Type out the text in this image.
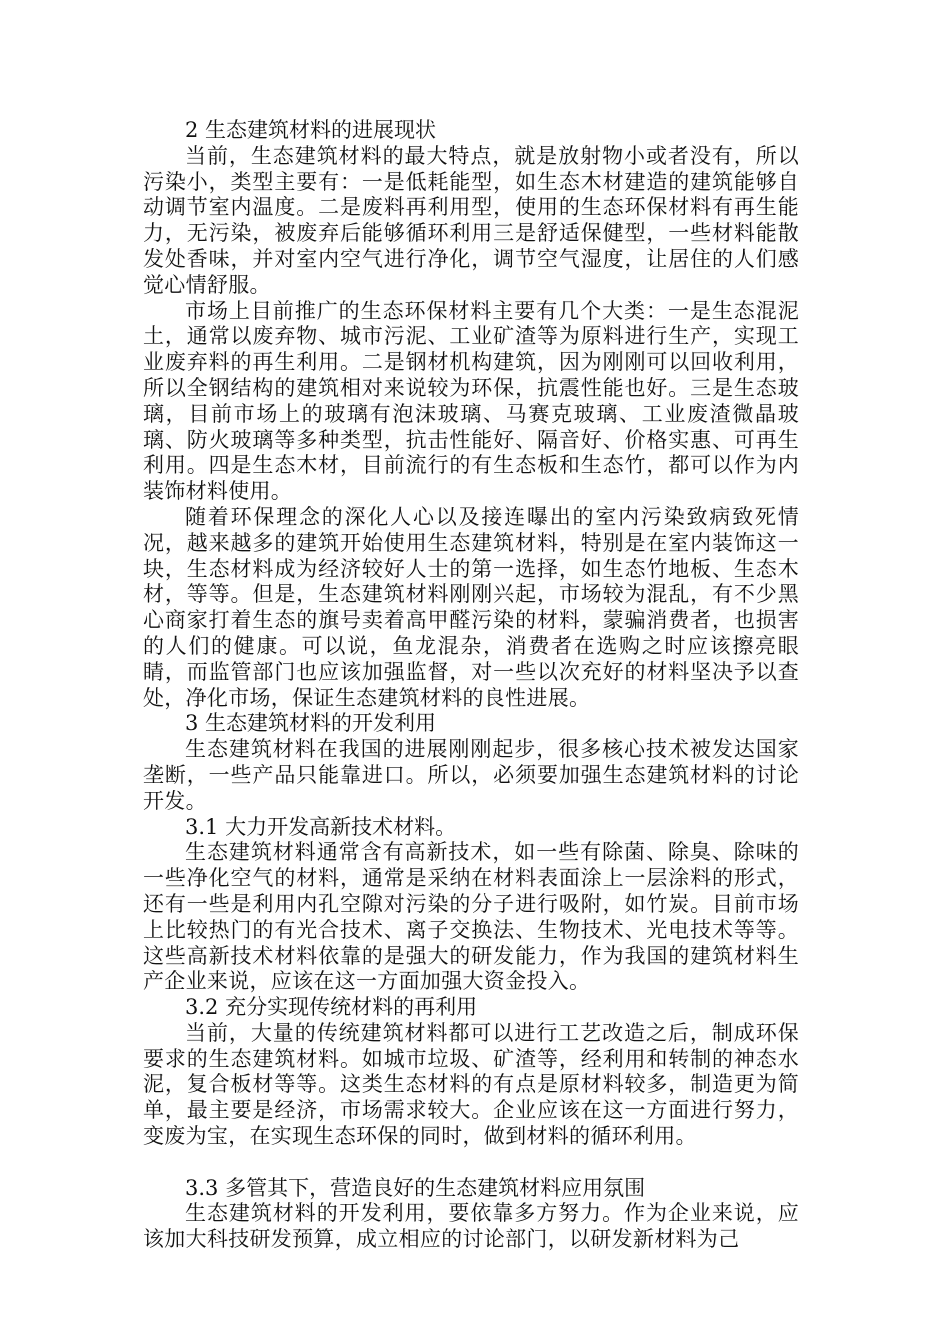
2 生态建筑材料的进展现状

当前，生态建筑材料的最大特点，就是放射物小或者没有，所以污染小，类型主要有：一是低耗能型，如生态木材建造的建筑能够自动调节室内温度。二是废料再利用型，使用的生态环保材料有再生能力，无污染，被废弃后能够循环利用三是舒适保健型，一些材料能散发处香味，并对室内空气进行净化，调节空气湿度，让居住的人们感觉心情舒服。

市场上目前推广的生态环保材料主要有几个大类：一是生态混泥土，通常以废弃物、城市污泥、工业矿渣等为原料进行生产，实现工业废弃料的再生利用。二是钢材机构建筑，因为刚刚可以回收利用，所以全钢结构的建筑相对来说较为环保，抗震性能也好。三是生态玻璃，目前市场上的玻璃有泡沫玻璃、马赛克玻璃、工业废渣微晶玻璃、防火玻璃等多种类型，抗击性能好、隔音好、价格实惠、可再生利用。四是生态木材，目前流行的有生态板和生态竹，都可以作为内装饰材料使用。

随着环保理念的深化人心以及接连曝出的室内污染致病致死情况，越来越多的建筑开始使用生态建筑材料，特别是在室内装饰这一块，生态材料成为经济较好人士的第一选择，如生态竹地板、生态木材，等等。但是，生态建筑材料刚刚兴起，市场较为混乱，有不少黑心商家打着生态的旗号卖着高甲醛污染的材料，蒙骗消费者，也损害的人们的健康。可以说，鱼龙混杂，消费者在选购之时应该擦亮眼睛，而监管部门也应该加强监督，对一些以次充好的材料坚决予以查处，净化市场，保证生态建筑材料的良性进展。

3 生态建筑材料的开发利用

生态建筑材料在我国的进展刚刚起步，很多核心技术被发达国家垄断，一些产品只能靠进口。所以，必须要加强生态建筑材料的讨论开发。

3.1 大力开发高新技术材料。

生态建筑材料通常含有高新技术，如一些有除菌、除臭、除味的一些净化空气的材料，通常是采纳在材料表面涂上一层涂料的形式，还有一些是利用内孔空隙对污染的分子进行吸附，如竹炭。目前市场上比较热门的有光合技术、离子交换法、生物技术、光电技术等等。这些高新技术材料依靠的是强大的研发能力，作为我国的建筑材料生产企业来说，应该在这一方面加强大资金投入。

3.2 充分实现传统材料的再利用

当前，大量的传统建筑材料都可以进行工艺改造之后，制成环保要求的生态建筑材料。如城市垃圾、矿渣等，经利用和转制的神态水泥，复合板材等等。这类生态材料的有点是原材料较多，制造更为简单，最主要是经济，市场需求较大。企业应该在这一方面进行努力，变废为宝，在实现生态环保的同时，做到材料的循环利用。

3.3 多管其下，营造良好的生态建筑材料应用氛围

生态建筑材料的开发利用，要依靠多方努力。作为企业来说，应该加大科技研发预算，成立相应的讨论部门，以研发新材料为己
